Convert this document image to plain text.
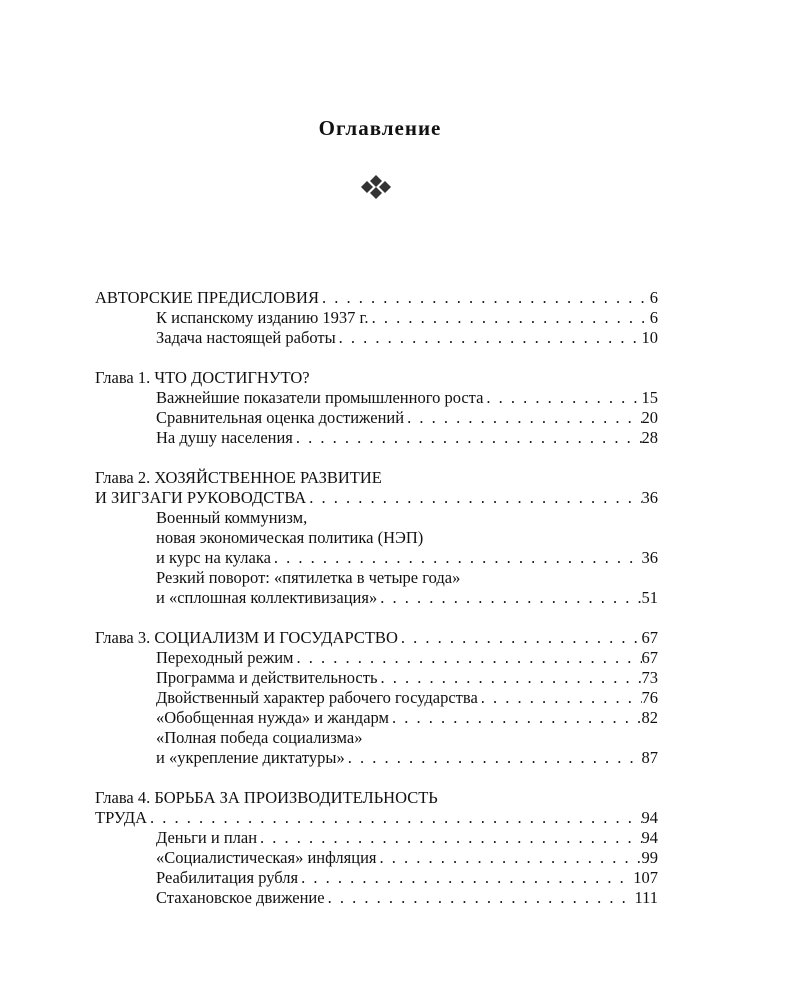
Оглавление
АВТОРСКИЕ ПРЕДИСЛОВИЯ . . .	6
К испанскому изданию 1937 г. . . .	6
Задача настоящей работы . . .	10
Глава 1. ЧТО ДОСТИГНУТО?
Важнейшие показатели промышленного роста . . .	15
Сравнительная оценка достижений . . .	20
На душу населения . . .	28
Глава 2. ХОЗЯЙСТВЕННОЕ РАЗВИТИЕ
И ЗИГЗАГИ РУКОВОДСТВА . . .	36
Военный коммунизм,
новая экономическая политика (НЭП)
и курс на кулака . . .	36
Резкий поворот: «пятилетка в четыре года»
и «сплошная коллективизация» . . .	51
Глава 3. СОЦИАЛИЗМ И ГОСУДАРСТВО . . .	67
Переходный режим . . .	67
Программа и действительность . . .	73
Двойственный характер рабочего государства . . .	76
«Обобщенная нужда» и жандарм . . .	82
«Полная победа социализма»
и «укрепление диктатуры» . . .	87
Глава 4. БОРЬБА ЗА ПРОИЗВОДИТЕЛЬНОСТЬ
ТРУДА . . .	94
Деньги и план . . .	94
«Социалистическая» инфляция . . .	99
Реабилитация рубля . . .	107
Стахановское движение . . .	111
